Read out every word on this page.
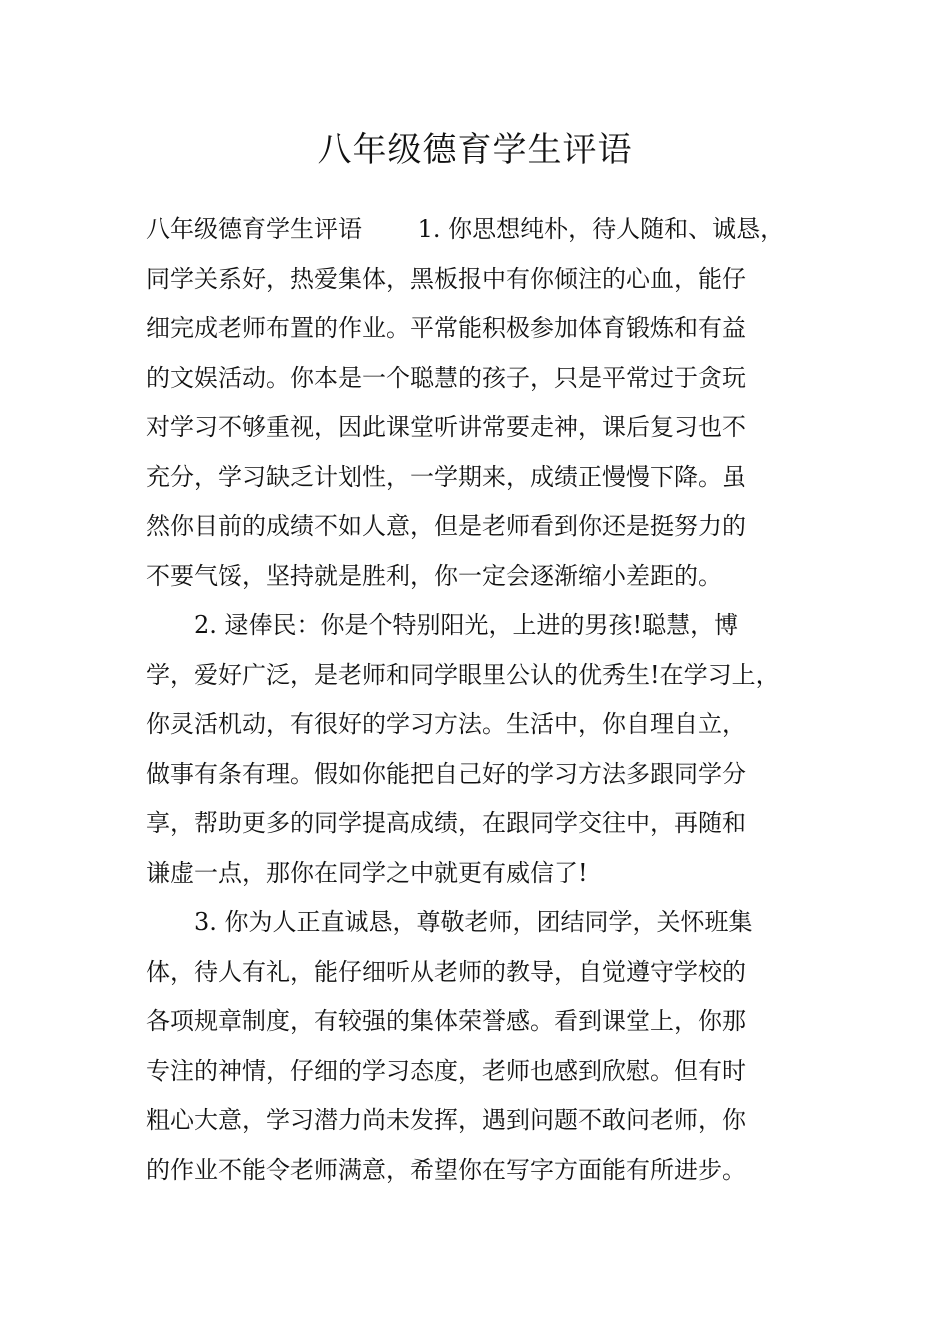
八年级德育学生评语
八年级德育学生评语　　 1. 你思想纯朴，待人随和、诚恳，
同学关系好，热爱集体，黑板报中有你倾注的心血，能仔
细完成老师布置的作业。平常能积极参加体育锻炼和有益
的文娱活动。你本是一个聪慧的孩子，只是平常过于贪玩
对学习不够重视，因此课堂听讲常要走神，课后复习也不
充分，学习缺乏计划性，一学期来，成绩正慢慢下降。虽
然你目前的成绩不如人意，但是老师看到你还是挺努力的
不要气馁，坚持就是胜利，你一定会逐渐缩小差距的。
　　2. 逯俸民：你是个特别阳光，上进的男孩!聪慧，博
学，爱好广泛，是老师和同学眼里公认的优秀生!在学习上，
你灵活机动，有很好的学习方法。生活中，你自理自立，
做事有条有理。假如你能把自己好的学习方法多跟同学分
享，帮助更多的同学提高成绩，在跟同学交往中，再随和
谦虚一点，那你在同学之中就更有威信了!
　　3. 你为人正直诚恳，尊敬老师，团结同学，关怀班集
体，待人有礼，能仔细听从老师的教导，自觉遵守学校的
各项规章制度，有较强的集体荣誉感。看到课堂上，你那
专注的神情，仔细的学习态度，老师也感到欣慰。但有时
粗心大意，学习潜力尚未发挥，遇到问题不敢问老师，你
的作业不能令老师满意，希望你在写字方面能有所进步。
